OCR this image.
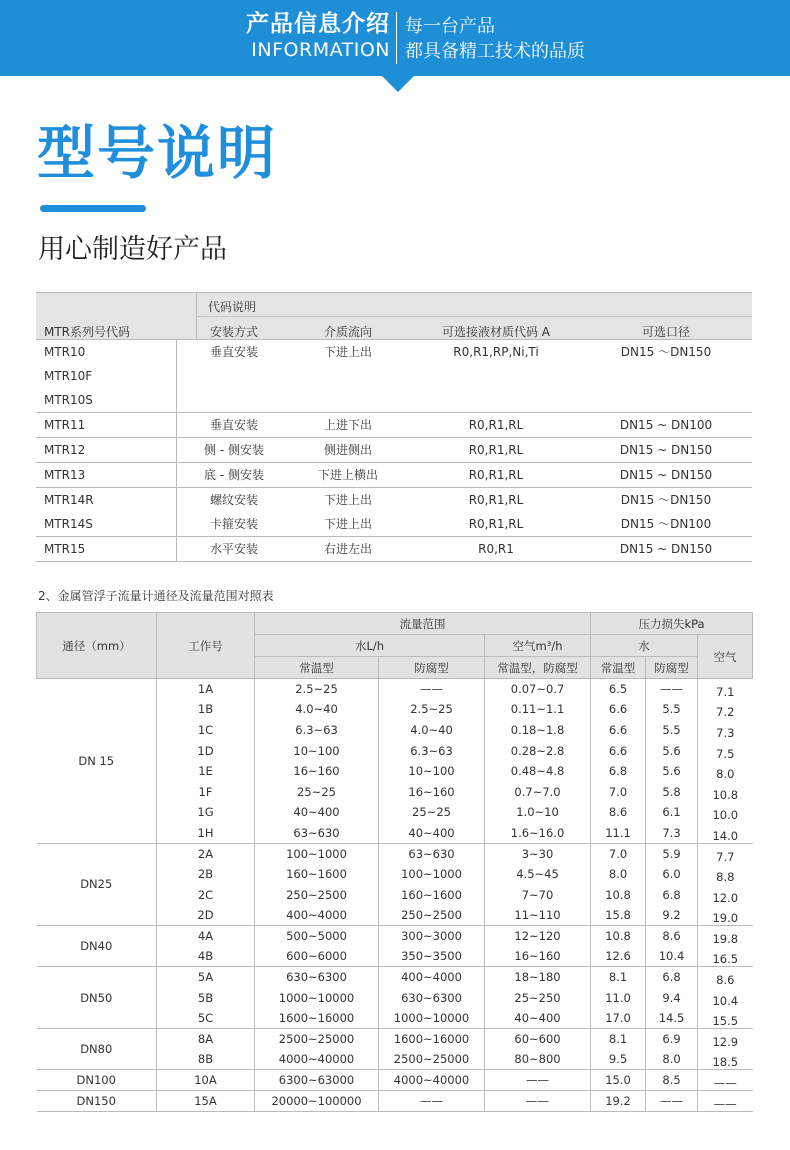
产品信息介绍
INFORMATION
每一台产品
都具备精工技术的品质
型号说明
用心制造好产品
代码说明
MTR系列号代码	安装方式	介质流向	可选接液材质代码 A	可选口径
MTR10	垂直安装	下进上出	R0,R1,RP,Ni,Ti	DN15 ～DN150
MTR10F
MTR10S
MTR11	垂直安装	上进下出	R0,R1,RL	DN15 ~ DN100
MTR12	侧 - 侧安装	侧进侧出	R0,R1,RL	DN15 ~ DN150
MTR13	底 - 侧安装	下进上横出	R0,R1,RL	DN15 ~ DN150
MTR14R	螺纹安装	下进上出	R0,R1,RL	DN15 ～DN150
MTR14S	卡箍安装	下进上出	R0,R1,RL	DN15 ～DN100
MTR15	水平安装	右进左出	R0,R1	DN15 ~ DN150
2、金属管浮子流量计通径及流量范围对照表
通径（mm）	工作号	流量范围			压力损失kPa		
		水L/h		空气m³/h	水		空气
		常温型	防腐型	常温型，防腐型	常温型	防腐型	
DN 15	1A	2.5~25	——	0.07~0.7	6.5	——	7.1
	1B	4.0~40	2.5~25	0.11~1.1	6.6	5.5	7.2
	1C	6.3~63	4.0~40	0.18~1.8	6.6	5.5	7.3
	1D	10~100	6.3~63	0.28~2.8	6.6	5.6	7.5
	1E	16~160	10~100	0.48~4.8	6.8	5.6	8.0
	1F	25~25	16~160	0.7~7.0	7.0	5.8	10.8
	1G	40~400	25~25	1.0~10	8.6	6.1	10.0
	1H	63~630	40~400	1.6~16.0	11.1	7.3	14.0
DN25	2A	100~1000	63~630	3~30	7.0	5.9	7.7
	2B	160~1600	100~1000	4.5~45	8.0	6.0	8.8
	2C	250~2500	160~1600	7~70	10.8	6.8	12.0
	2D	400~4000	250~2500	11~110	15.8	9.2	19.0
DN40	4A	500~5000	300~3000	12~120	10.8	8.6	19.8
	4B	600~6000	350~3500	16~160	12.6	10.4	16.5
DN50	5A	630~6300	400~4000	18~180	8.1	6.8	8.6
	5B	1000~10000	630~6300	25~250	11.0	9.4	10.4
	5C	1600~16000	1000~10000	40~400	17.0	14.5	15.5
DN80	8A	2500~25000	1600~16000	60~600	8.1	6.9	12.9
	8B	4000~40000	2500~25000	80~800	9.5	8.0	18.5
DN100	10A	6300~63000	4000~40000	——	15.0	8.5	——
DN150	15A	20000~100000	——	——	19.2	——	——
